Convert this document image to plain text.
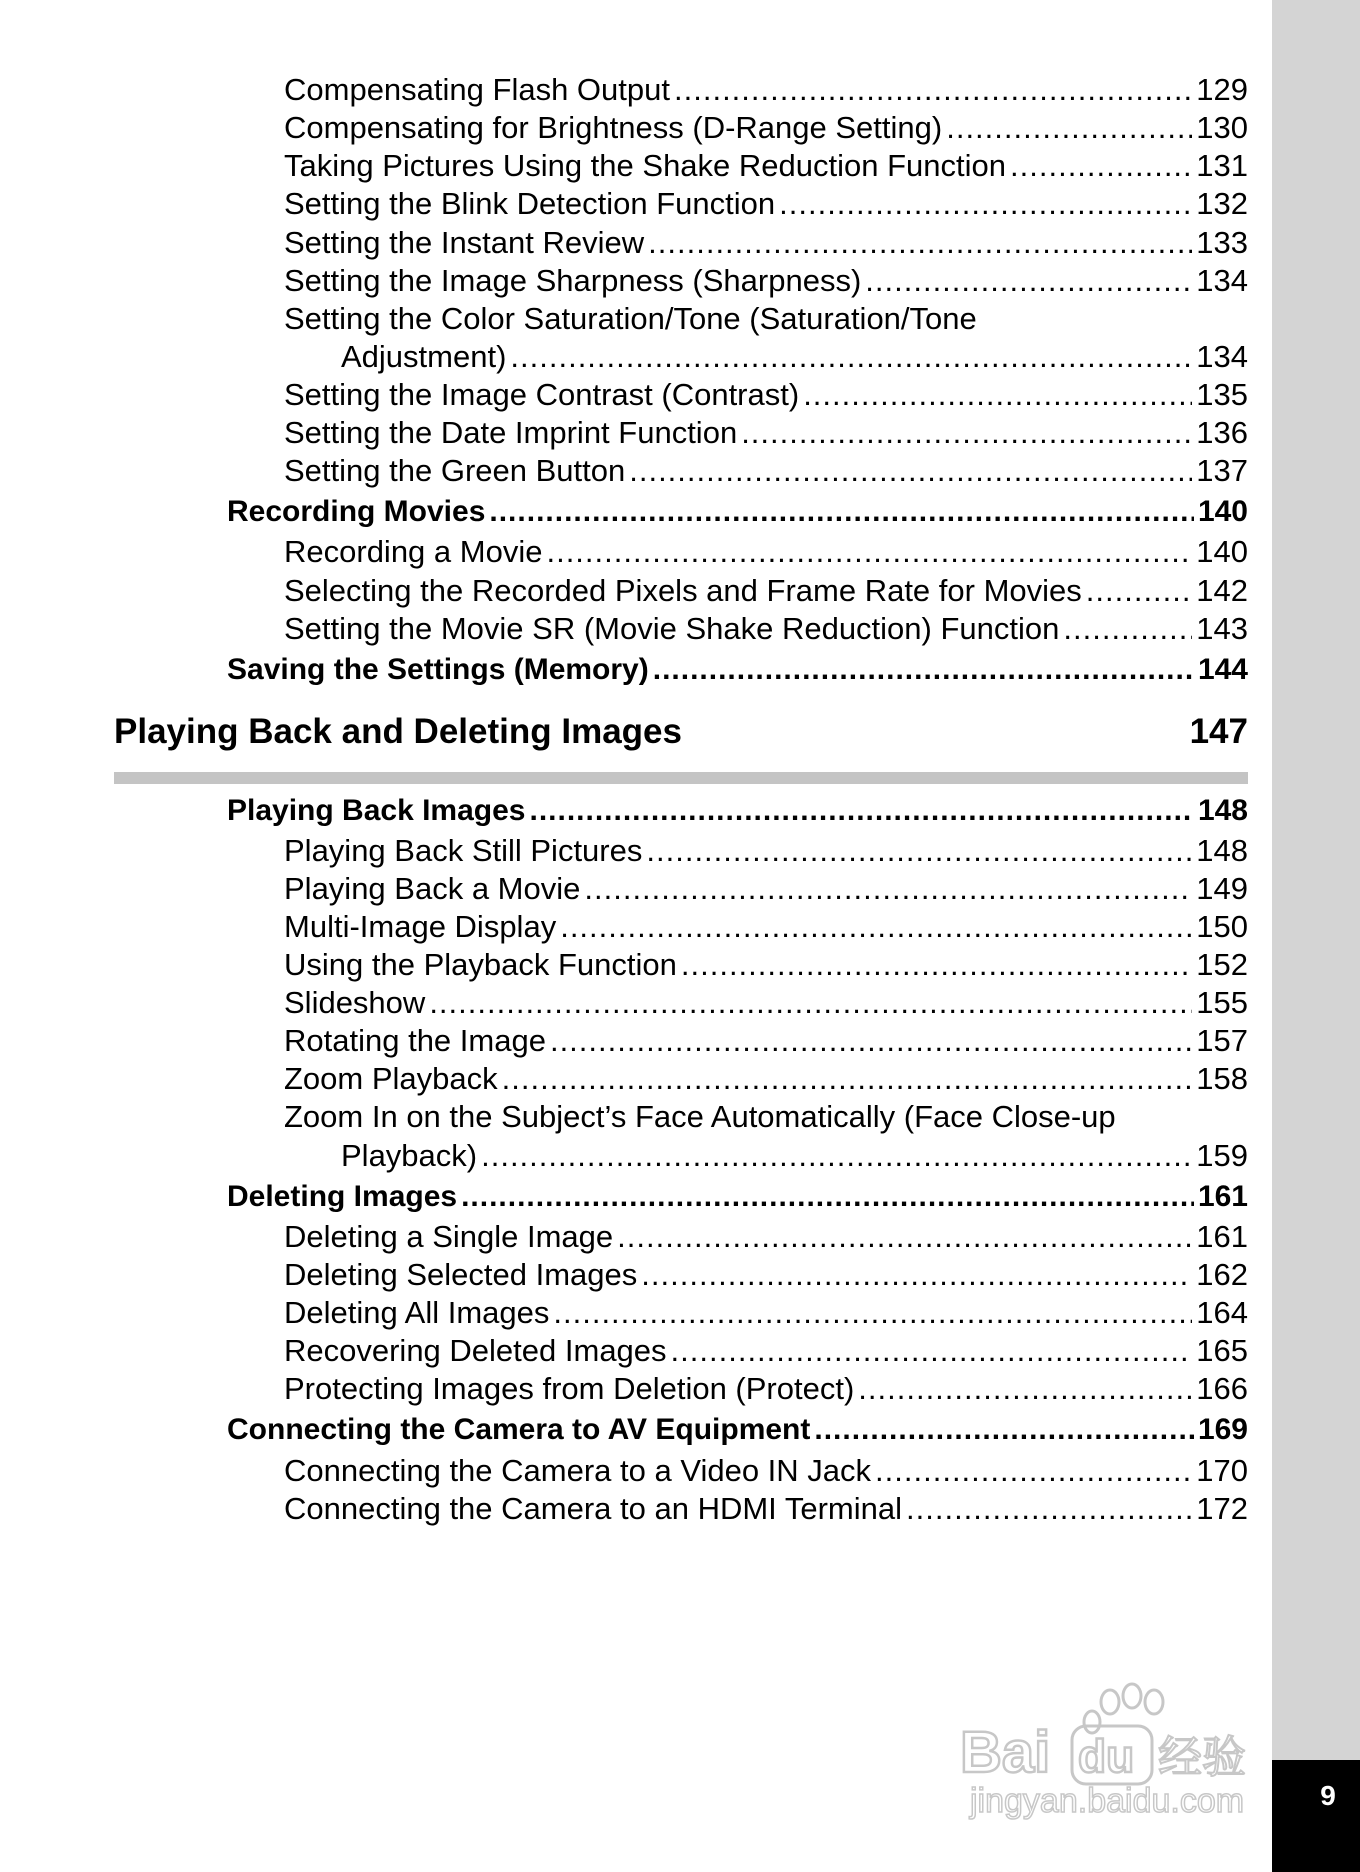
9
Compensating Flash Output .....	129
Compensating for Brightness (D-Range Setting) .....	130
Taking Pictures Using the Shake Reduction Function .....	131
Setting the Blink Detection Function .....	132
Setting the Instant Review .....	133
Setting the Image Sharpness (Sharpness) .....	134
Setting the Color Saturation/Tone (Saturation/Tone
Adjustment) .....	134
Setting the Image Contrast (Contrast) .....	135
Setting the Date Imprint Function .....	136
Setting the Green Button .....	137
Recording Movies .....	140
Recording a Movie .....	140
Selecting the Recorded Pixels and Frame Rate for Movies .....	142
Setting the Movie SR (Movie Shake Reduction) Function .....	143
Saving the Settings (Memory) .....	144
Playing Back and Deleting Images	147
Playing Back Images .....	148
Playing Back Still Pictures .....	148
Playing Back a Movie .....	149
Multi-Image Display .....	150
Using the Playback Function .....	152
Slideshow .....	155
Rotating the Image .....	157
Zoom Playback .....	158
Zoom In on the Subject’s Face Automatically (Face Close-up
Playback) .....	159
Deleting Images .....	161
Deleting a Single Image .....	161
Deleting Selected Images .....	162
Deleting All Images .....	164
Recovering Deleted Images .....	165
Protecting Images from Deletion (Protect) .....	166
Connecting the Camera to AV Equipment .....	169
Connecting the Camera to a Video IN Jack .....	170
Connecting the Camera to an HDMI Terminal .....	172
Bai du 经验
jingyan.baidu.com
